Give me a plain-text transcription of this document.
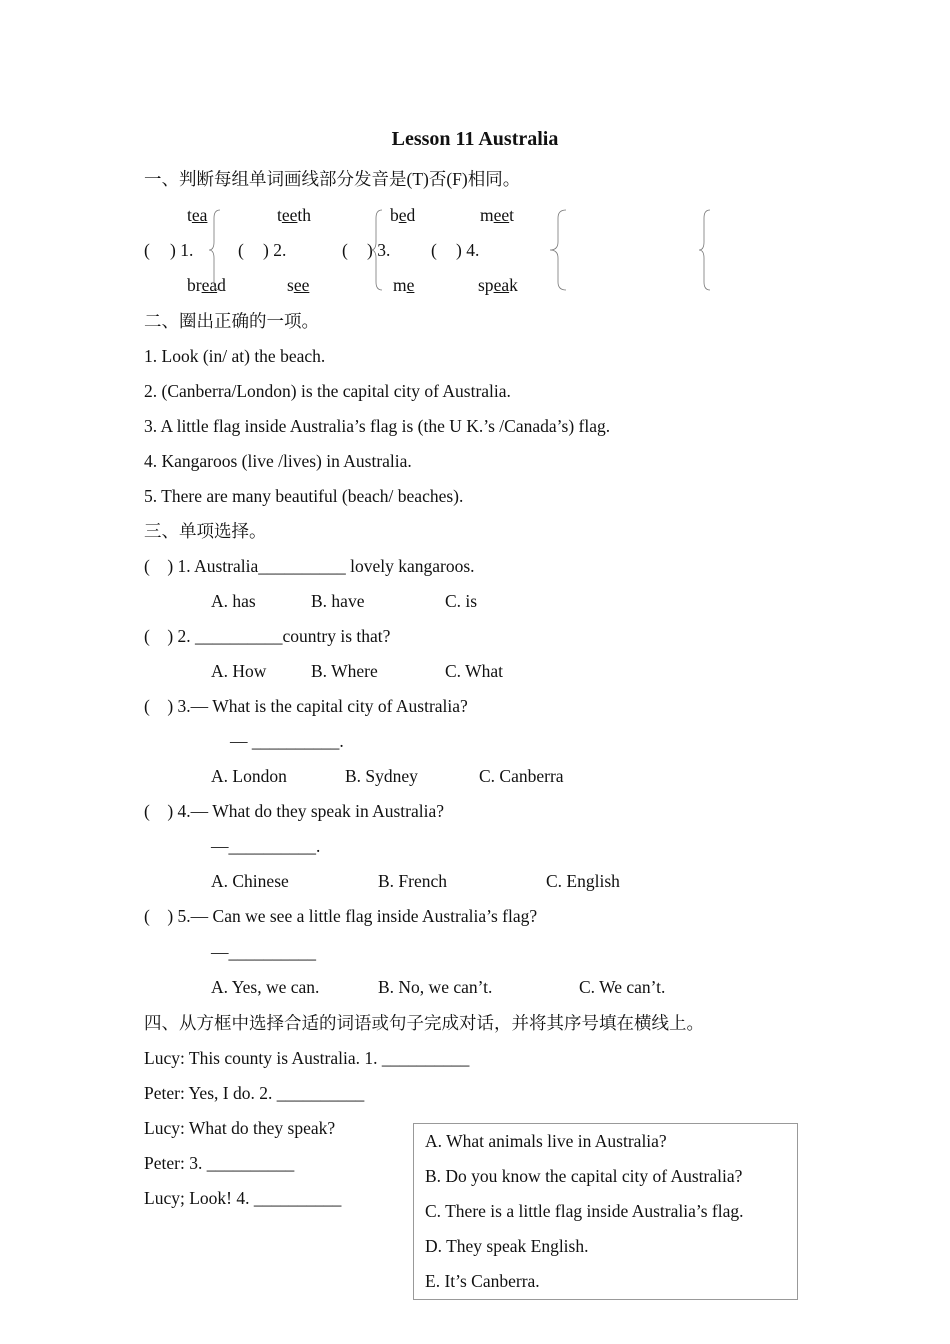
Lesson 11 Australia
一、判断每组单词画线部分发音是(T)否(F)相同。
tea	teeth	bed	meet
( ) 1.	( ) 2.	( ) 3. ( ) 4.
bread	see	me	speak
二、圈出正确的一项。
1. Look (in/ at) the beach.
2. (Canberra/London) is the capital city of Australia.
3. A little flag inside Australia’s flag is (the U K.’s /Canada’s) flag.
4. Kangaroos (live /lives) in Australia.
5. There are many beautiful (beach/ beaches).
三、单项选择。
(    ) 1. Australia__________ lovely kangaroos.
A. has	B. have	C. is
(    ) 2. __________country is that?
A. How	B. Where	C. What
(    ) 3.— What is the capital city of Australia?
— __________.
A. London	B. Sydney	C. Canberra
(    ) 4.— What do they speak in Australia?
—__________.
A. Chinese	B. French	C. English
(    ) 5.— Can we see a little flag inside Australia’s flag?
—__________
A. Yes, we can.	B. No, we can’t.	C. We can’t.
四、从方框中选择合适的词语或句子完成对话，并将其序号填在横线上。
Lucy: This county is Australia. 1. __________
Peter: Yes, I do. 2. __________
Lucy: What do they speak?
Peter: 3. __________
Lucy; Look! 4. __________
A. What animals live in Australia?
B. Do you know the capital city of Australia?
C. There is a little flag inside Australia’s flag.
D. They speak English.
E. It’s Canberra.
